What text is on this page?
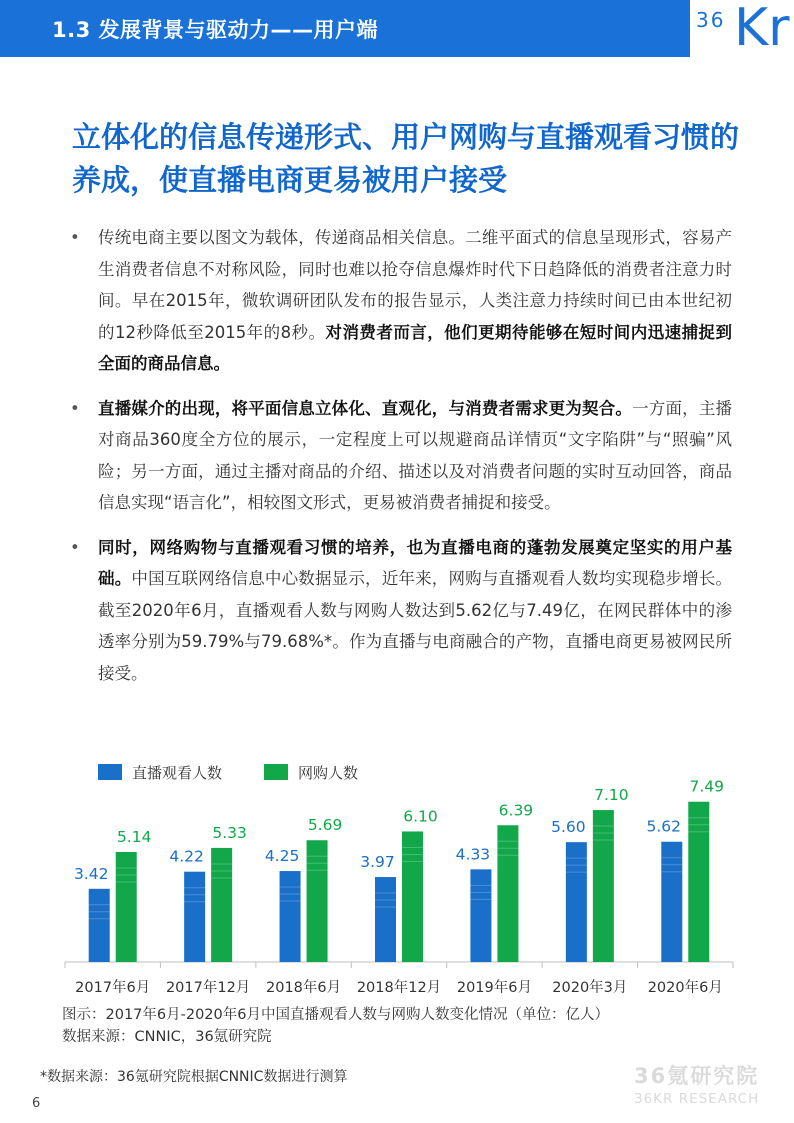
1.3 发展背景与驱动力——用户端	36 Kr
立体化的信息传递形式、用户网购与直播观看习惯的养成，使直播电商更易被用户接受
• 传统电商主要以图文为载体，传递商品相关信息。二维平面式的信息呈现形式，容易产生消费者信息不对称风险，同时也难以抢夺信息爆炸时代下日趋降低的消费者注意力时间。早在2015年，微软调研团队发布的报告显示，人类注意力持续时间已由本世纪初的12秒降低至2015年的8秒。对消费者而言，他们更期待能够在短时间内迅速捕捉到全面的商品信息。
• 直播媒介的出现，将平面信息立体化、直观化，与消费者需求更为契合。一方面，主播对商品360度全方位的展示，一定程度上可以规避商品详情页“文字陷阱”与“照骗”风险；另一方面，通过主播对商品的介绍、描述以及对消费者问题的实时互动回答，商品信息实现“语言化”，相较图文形式，更易被消费者捕捉和接受。
• 同时，网络购物与直播观看习惯的培养，也为直播电商的蓬勃发展奠定坚实的用户基础。中国互联网络信息中心数据显示，近年来，网购与直播观看人数均实现稳步增长。截至2020年6月，直播观看人数与网购人数达到5.62亿与7.49亿，在网民群体中的渗透率分别为59.79%与79.68%*。作为直播与电商融合的产物，直播电商更易被网民所接受。
直播观看人数	网购人数
2017年6月
3.42
5.14
2017年12月
4.22
5.33
2018年6月
4.25
5.69
2018年12月
3.97
6.10
2019年6月
4.33
6.39
2020年3月
5.60
7.10
2020年6月
5.62
7.49
图示：2017年6月-2020年6月中国直播观看人数与网购人数变化情况（单位：亿人）
数据来源：CNNIC，36氪研究院
*数据来源：36氪研究院根据CNNIC数据进行测算
6
36氪研究院
36KR RESEARCH
